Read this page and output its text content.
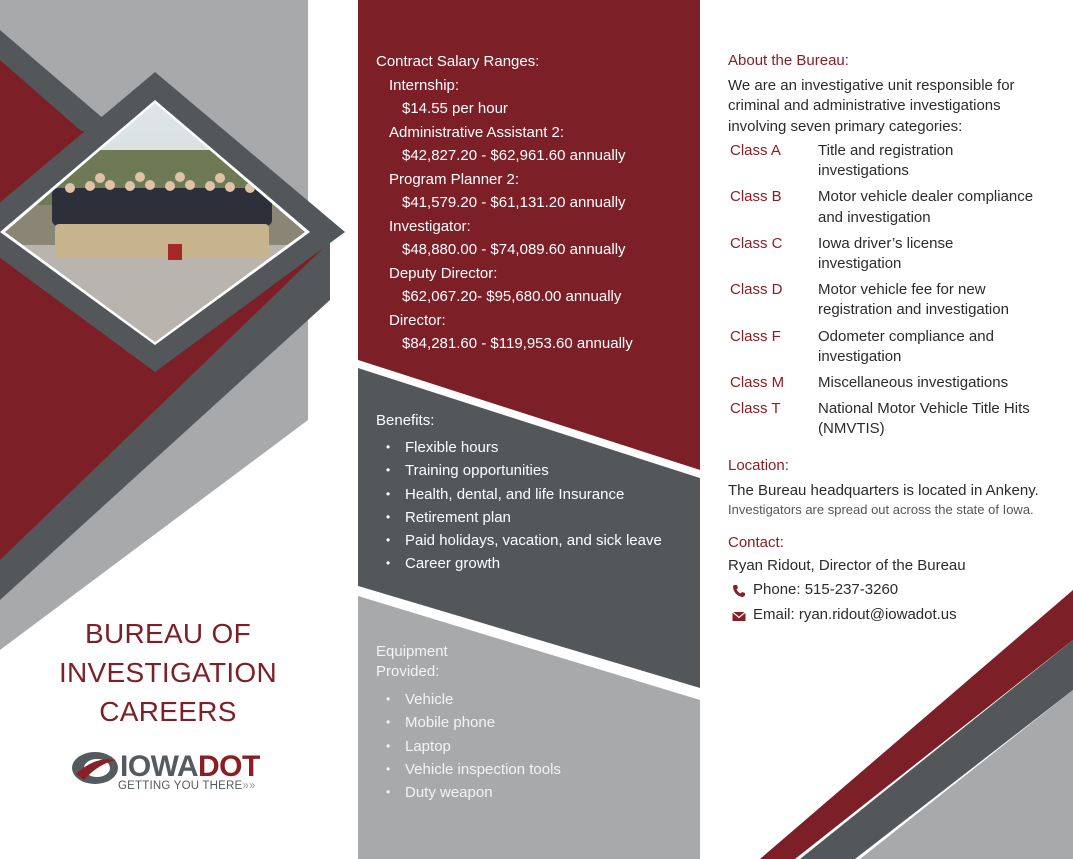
BUREAU OF
INVESTIGATION
CAREERS
IOWADOT
GETTING YOU THERE»»
Contract Salary Ranges:
Internship:
$14.55 per hour
Administrative Assistant 2:
$42,827.20 - $62,961.60 annually
Program Planner 2:
$41,579.20 - $61,131.20 annually
Investigator:
$48,880.00 - $74,089.60 annually
Deputy Director:
$62,067.20- $95,680.00 annually
Director:
$84,281.60 - $119,953.60 annually
Benefits:
• Flexible hours
• Training opportunities
• Health, dental, and life Insurance
• Retirement plan
• Paid holidays, vacation, and sick leave
• Career growth
Equipment
Provided:
• Vehicle
• Mobile phone
• Laptop
• Vehicle inspection tools
• Duty weapon
About the Bureau:
We are an investigative unit responsible for criminal and administrative investigations involving seven primary categories:
Class A Title and registration investigations
Class B Motor vehicle dealer compliance and investigation
Class C Iowa driver’s license investigation
Class D Motor vehicle fee for new registration and investigation
Class F Odometer compliance and investigation
Class M Miscellaneous investigations
Class T National Motor Vehicle Title Hits (NMVTIS)
Location:
The Bureau headquarters is located in Ankeny.
Investigators are spread out across the state of Iowa.
Contact:
Ryan Ridout, Director of the Bureau
Phone: 515-237-3260
Email: ryan.ridout@iowadot.us
